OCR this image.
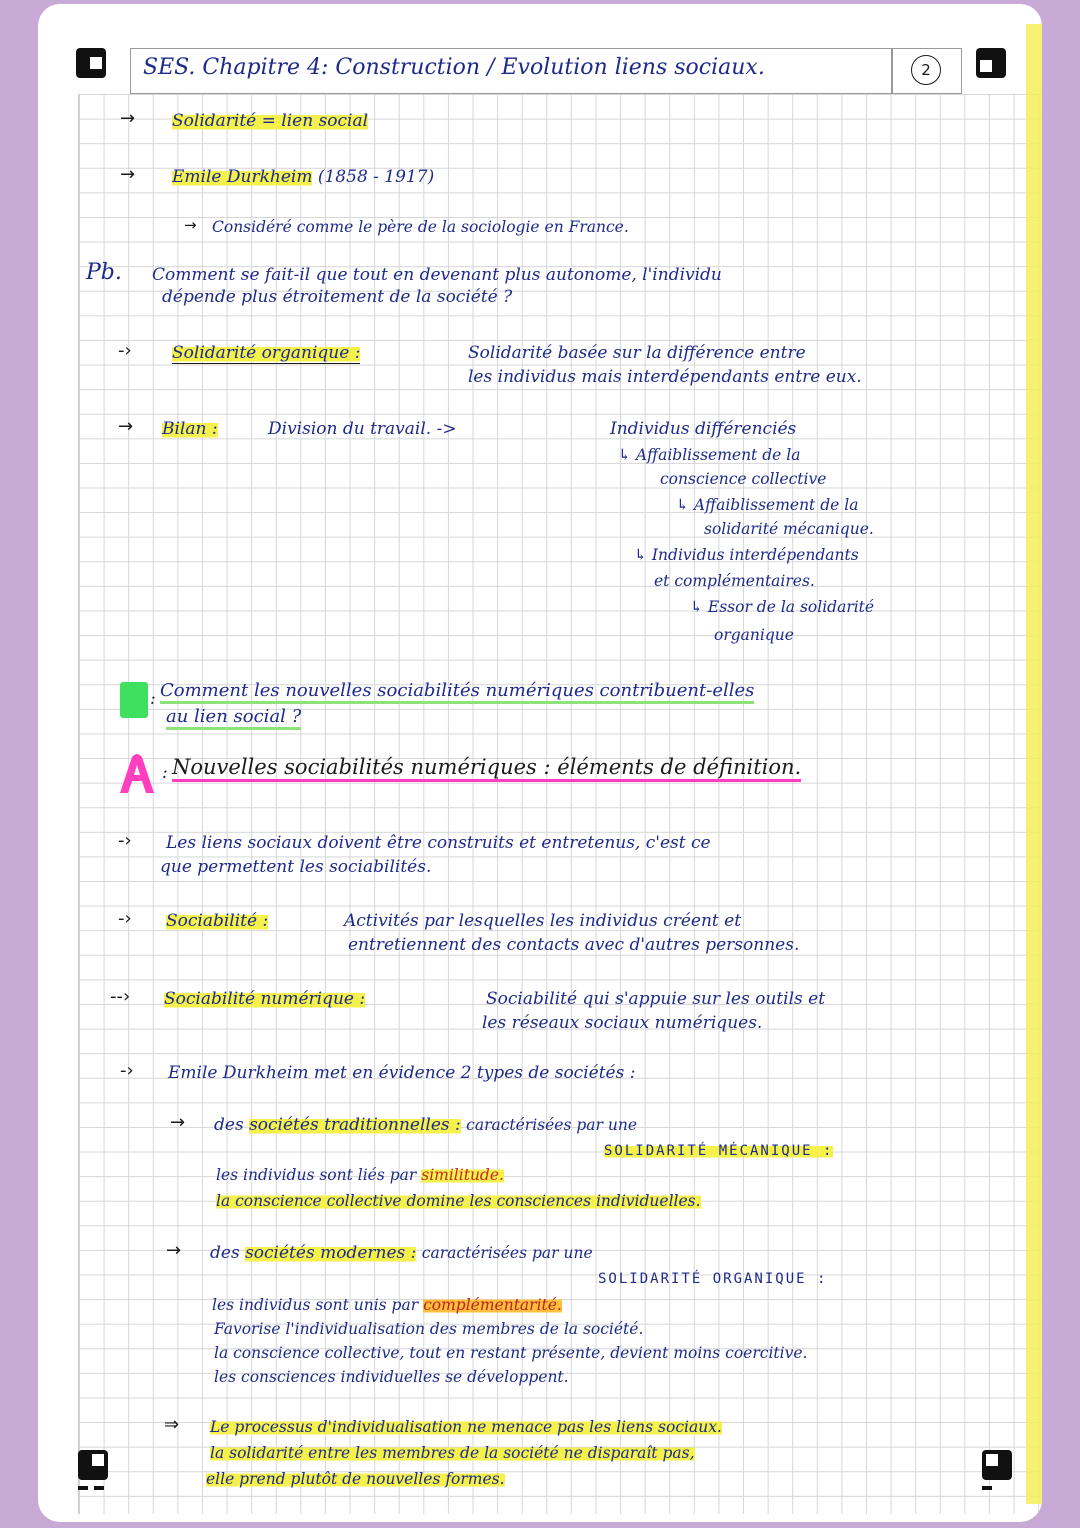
SES. Chapitre 4: Construction / Evolution liens sociaux.	2
→ Solidarité = lien social
→ Emile Durkheim (1858 - 1917)
→ Considéré comme le père de la sociologie en France.
Pb. Comment se fait-il que tout en devenant plus autonome, l'individu
dépende plus étroitement de la société ?
-› Solidarité organique :	Solidarité basée sur la différence entre
les individus mais interdépendants entre eux.
→ Bilan :	Division du travail. ->	Individus différenciés
↳ Affaiblissement de la
conscience collective
↳ Affaiblissement de la
solidarité mécanique.
↳ Individus interdépendants
et complémentaires.
↳ Essor de la solidarité
organique
: Comment les nouvelles sociabilités numériques contribuent-elles
au lien social ?
: Nouvelles sociabilités numériques : éléments de définition.
-› Les liens sociaux doivent être construits et entretenus, c'est ce
que permettent les sociabilités.
-› Sociabilité :	Activités par lesquelles les individus créent et
entretiennent des contacts avec d'autres personnes.
--› Sociabilité numérique :	Sociabilité qui s'appuie sur les outils et
les réseaux sociaux numériques.
-› Emile Durkheim met en évidence 2 types de sociétés :
→ des sociétés traditionnelles : caractérisées par une
SOLIDARITÉ MÉCANIQUE :
les individus sont liés par similitude.
la conscience collective domine les consciences individuelles.
→ des sociétés modernes : caractérisées par une
SOLIDARITÉ ORGANIQUE :
les individus sont unis par complémentarité.
Favorise l'individualisation des membres de la société.
la conscience collective, tout en restant présente, devient moins coercitive.
les consciences individuelles se développent.
⇒ Le processus d'individualisation ne menace pas les liens sociaux.
la solidarité entre les membres de la société ne disparaît pas,
elle prend plutôt de nouvelles formes.
